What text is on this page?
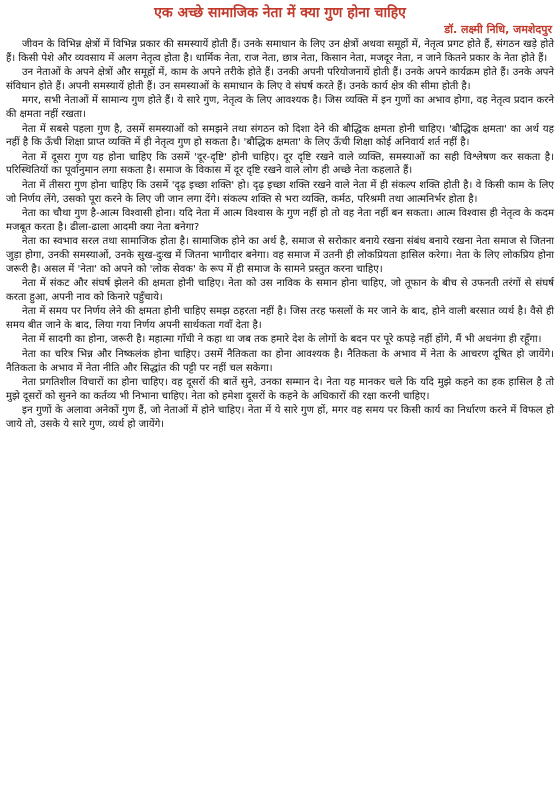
एक अच्छे सामाजिक नेता में क्या गुण होना चाहिए
डॉ. लक्ष्मी निधि, जमशेदपुर

जीवन के विभिन्न क्षेत्रों में विभिन्न प्रकार की समस्यायें होती हैं। उनके समाधान के लिए उन क्षेत्रों अथवा समूहों में, नेतृत्व प्रगट होते हैं, संगठन खड़े होते हैं। किसी पेशे और व्यवसाय में अलग नेतृत्व होता है। धार्मिक नेता, राज नेता, छात्र नेता, किसान नेता, मजदूर नेता, न जाने कितने प्रकार के नेता होते हैं।

उन नेताओं के अपने क्षेत्रों और समूहों में, काम के अपने तरीके होते हैं। उनकी अपनी परियोजनायें होती हैं। उनके अपने कार्यक्रम होते हैं। उनके अपने संविधान होते हैं। अपनी समस्यायें होती हैं। उन समस्याओं के समाधान के लिए वे संघर्ष करते हैं। उनके कार्य क्षेत्र की सीमा होती है।

मगर, सभी नेताओं में सामान्य गुण होते हैं। ये सारे गुण, नेतृत्व के लिए आवश्यक है। जिस व्यक्ति में इन गुणों का अभाव होगा, वह नेतृत्व प्रदान करने की क्षमता नहीं रखता।

नेता में सबसे पहला गुण है, उसमें समस्याओं को समझने तथा संगठन को दिशा देने की बौद्धिक क्षमता होनी चाहिए। 'बौद्धिक क्षमता' का अर्थ यह नहीं है कि ऊँची शिक्षा प्राप्त व्यक्ति में ही नेतृत्व गुण हो सकता है। 'बौद्धिक क्षमता' के लिए ऊँची शिक्षा कोई अनिवार्य शर्त नहीं है।

नेता में दूसरा गुण यह होना चाहिए कि उसमें 'दूर-दृष्टि' होनी चाहिए। दूर दृष्टि रखने वाले व्यक्ति, समस्याओं का सही विश्लेषण कर सकता है। परिस्थितियों का पूर्वानुमान लगा सकता है। समाज के विकास में दूर दृष्टि रखने वाले लोग ही अच्छे नेता कहलाते हैं।

नेता में तीसरा गुण होना चाहिए कि उसमें 'दृढ़ इच्छा शक्ति' हो। दृढ़ इच्छा शक्ति रखने वाले नेता में ही संकल्प शक्ति होती है। वे किसी काम के लिए जो निर्णय लेंगे, उसको पूरा करने के लिए जी जान लगा देंगे। संकल्प शक्ति से भरा व्यक्ति, कर्मठ, परिश्रमी तथा आत्मनिर्भर होता है।

नेता का चौथा गुण है-आत्म विश्वासी होना। यदि नेता में आत्म विश्वास के गुण नहीं हो तो वह नेता नहीं बन सकता। आत्म विश्वास ही नेतृत्व के कदम मजबूत करता है। ढीला-ढाला आदमी क्या नेता बनेगा?

नेता का स्वभाव सरल तथा सामाजिक होता है। सामाजिक होने का अर्थ है, समाज से सरोकार बनाये रखना संबंध बनाये रखना नेता समाज से जितना जुड़ा होगा, उनकी समस्याओं, उनके सुख-दुःख में जितना भागीदार बनेगा। वह समाज में उतनी ही लोकप्रियता हासिल करेगा। नेता के लिए लोकप्रिय होना जरूरी है। असल में 'नेता' को अपने को 'लोक सेवक' के रूप में ही समाज के सामने प्रस्तुत करना चाहिए।

नेता में संकट और संघर्ष झेलने की क्षमता होनी चाहिए। नेता को उस नाविक के समान होना चाहिए, जो तूफान के बीच से उफनती तरंगों से संघर्ष करता हुआ, अपनी नाव को किनारे पहुँचाये।

नेता में समय पर निर्णय लेने की क्षमता होनी चाहिए समझ ठहरता नहीं है। जिस तरह फसलों के मर जाने के बाद, होने वाली बरसात व्यर्थ है। वैसे ही समय बीत जाने के बाद, लिया गया निर्णय अपनी सार्थकता गवाँ देता है।

नेता में सादगी का होना, जरूरी है। महात्मा गाँधी ने कहा था जब तक हमारे देश के लोगों के बदन पर पूरे कपड़े नहीं होंगे, मैं भी अधनंगा ही रहूँगा।

नेता का चरित्र भिन्न और निष्कलंक होना चाहिए। उसमें नैतिकता का होना आवश्यक है। नैतिकता के अभाव में नेता के आचरण दूषित हो जायेंगे। नैतिकता के अभाव में नेता नीति और सिद्धांत की पट्टी पर नहीं चल सकेगा।

नेता प्रगतिशील विचारों का होना चाहिए। वह दूसरों की बातें सुने, उनका सम्मान दे। नेता यह मानकर चले कि यदि मुझे कहने का हक हासिल है तो मुझे दूसरों को सुनने का कर्तव्य भी निभाना चाहिए। नेता को हमेशा दूसरों के कहने के अधिकारों की रक्षा करनी चाहिए।

इन गुणों के अलावा अनेकों गुण हैं, जो नेताओं में होने चाहिए। नेता में ये सारे गुण हों, मगर वह समय पर किसी कार्य का निर्धारण करने में विफल हो जाये तो, उसके ये सारे गुण, व्यर्थ हो जायेंगे।
